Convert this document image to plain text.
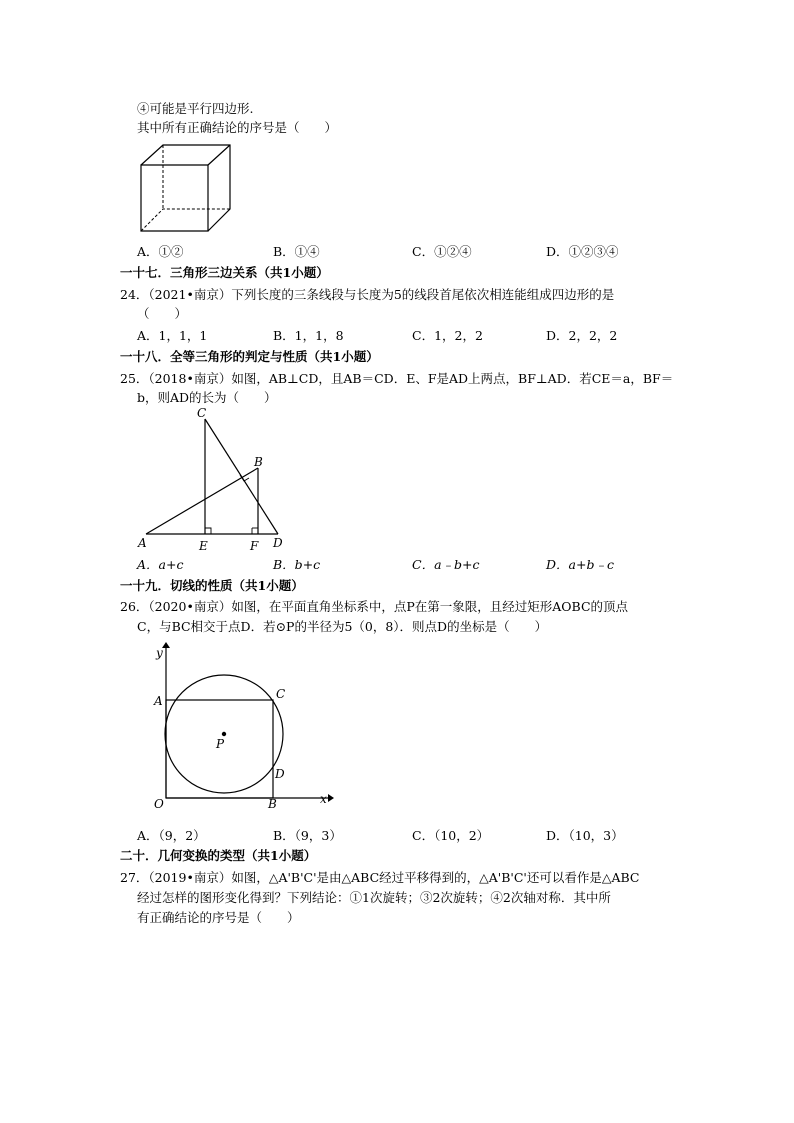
④可能是平行四边形.
其中所有正确结论的序号是（　　）
A．①②	B．①④	C．①②④	D．①②③④
一十七．三角形三边关系（共1小题）
24．（2021•南京）下列长度的三条线段与长度为5的线段首尾依次相连能组成四边形的是
（　　）
A．1，1，1	B．1，1，8	C．1，2，2	D．2，2，2
一十八．全等三角形的判定与性质（共1小题）
25．（2018•南京）如图，AB⊥CD，且AB＝CD．E、F是AD上两点，BF⊥AD．若CE＝a，BF＝
b，则AD的长为（　　）
C
B
A	E	F D
A．a+c	B．b+c	C．a﹣b+c	D．a+b﹣c
一十九．切线的性质（共1小题）
26．（2020•南京）如图，在平面直角坐标系中，点P在第一象限，且经过矩形AOBC的顶点
C，与BC相交于点D．若⊙P的半径为5（0，8）．则点D的坐标是（　　）
y
x
A	C
P
D
O	B
A．（9，2）	B．（9，3）	C．（10，2）	D．（10，3）
二十．几何变换的类型（共1小题）
27．（2019•南京）如图，△A'B'C'是由△ABC经过平移得到的，△A'B'C'还可以看作是△ABC
经过怎样的图形变化得到？下列结论：①1次旋转；③2次旋转；④2次轴对称．其中所
有正确结论的序号是（　　）
